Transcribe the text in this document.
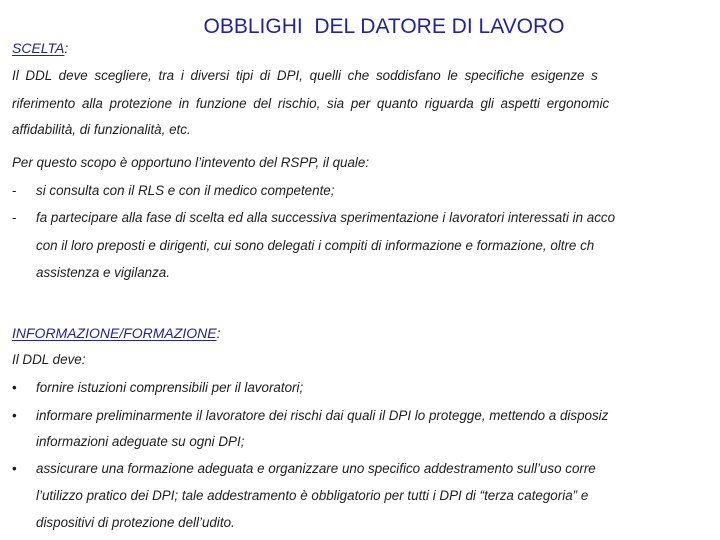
OBBLIGHI  DEL DATORE DI LAVORO
SCELTA:
Il DDL deve scegliere, tra i diversi tipi di DPI, quelli che soddisfano le specifiche esigenze s
riferimento alla protezione in funzione del rischio, sia per quanto riguarda gli aspetti ergonomic
affidabilità, di funzionalità, etc.
Per questo scopo è opportuno l’intevento del RSPP, il quale:
- si consulta con il RLS e con il medico competente;
- fa partecipare alla fase di scelta ed alla successiva sperimentazione i lavoratori interessati in acco
con il loro preposti e dirigenti, cui sono delegati i compiti di informazione e formazione, oltre ch
assistenza e vigilanza.
INFORMAZIONE/FORMAZIONE:
Il DDL deve:
• fornire istuzioni comprensibili per il lavoratori;
• informare preliminarmente il lavoratore dei rischi dai quali il DPI lo protegge, mettendo a disposiz
informazioni adeguate su ogni DPI;
• assicurare una formazione adeguata e organizzare uno specifico addestramento sull’uso corre
l’utilizzo pratico dei DPI; tale addestramento è obbligatorio per tutti i DPI di “terza categoria” e
dispositivi di protezione dell’udito.
